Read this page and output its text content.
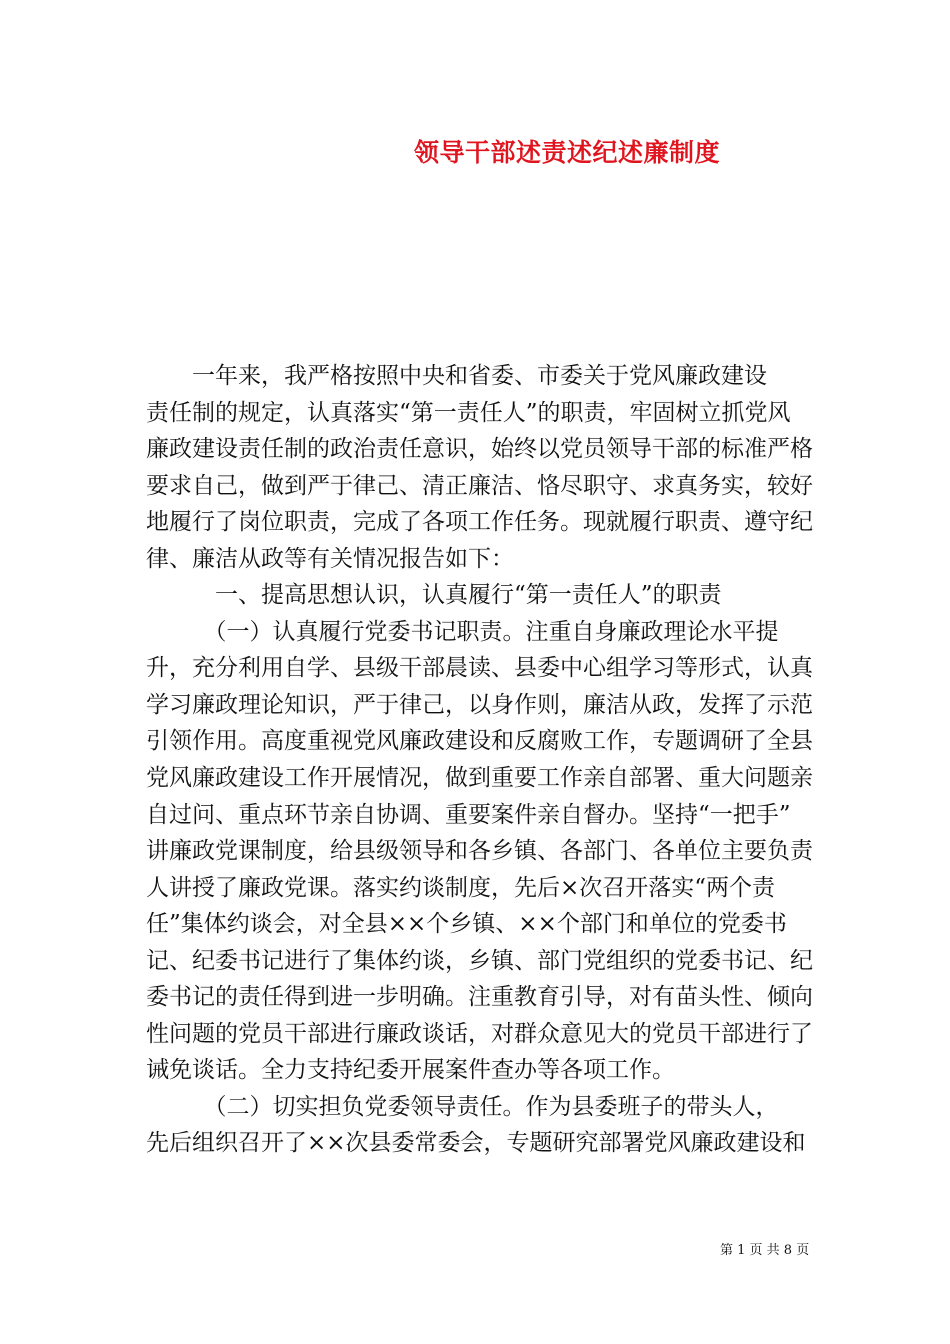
领导干部述责述纪述廉制度
　　一年来，我严格按照中央和省委、市委关于党风廉政建设
责任制的规定，认真落实“第一责任人”的职责，牢固树立抓党风
廉政建设责任制的政治责任意识，始终以党员领导干部的标准严格
要求自己，做到严于律己、清正廉洁、恪尽职守、求真务实，较好
地履行了岗位职责，完成了各项工作任务。现就履行职责、遵守纪
律、廉洁从政等有关情况报告如下：
　　　一、提高思想认识，认真履行“第一责任人”的职责
　　　（一）认真履行党委书记职责。注重自身廉政理论水平提
升，充分利用自学、县级干部晨读、县委中心组学习等形式，认真
学习廉政理论知识，严于律己，以身作则，廉洁从政，发挥了示范
引领作用。高度重视党风廉政建设和反腐败工作，专题调研了全县
党风廉政建设工作开展情况，做到重要工作亲自部署、重大问题亲
自过问、重点环节亲自协调、重要案件亲自督办。坚持“一把手”
讲廉政党课制度，给县级领导和各乡镇、各部门、各单位主要负责
人讲授了廉政党课。落实约谈制度，先后×次召开落实“两个责
任”集体约谈会，对全县××个乡镇、××个部门和单位的党委书
记、纪委书记进行了集体约谈，乡镇、部门党组织的党委书记、纪
委书记的责任得到进一步明确。注重教育引导，对有苗头性、倾向
性问题的党员干部进行廉政谈话，对群众意见大的党员干部进行了
诫免谈话。全力支持纪委开展案件查办等各项工作。
　　　（二）切实担负党委领导责任。作为县委班子的带头人，
先后组织召开了××次县委常委会，专题研究部署党风廉政建设和
第 1 页 共 8 页
